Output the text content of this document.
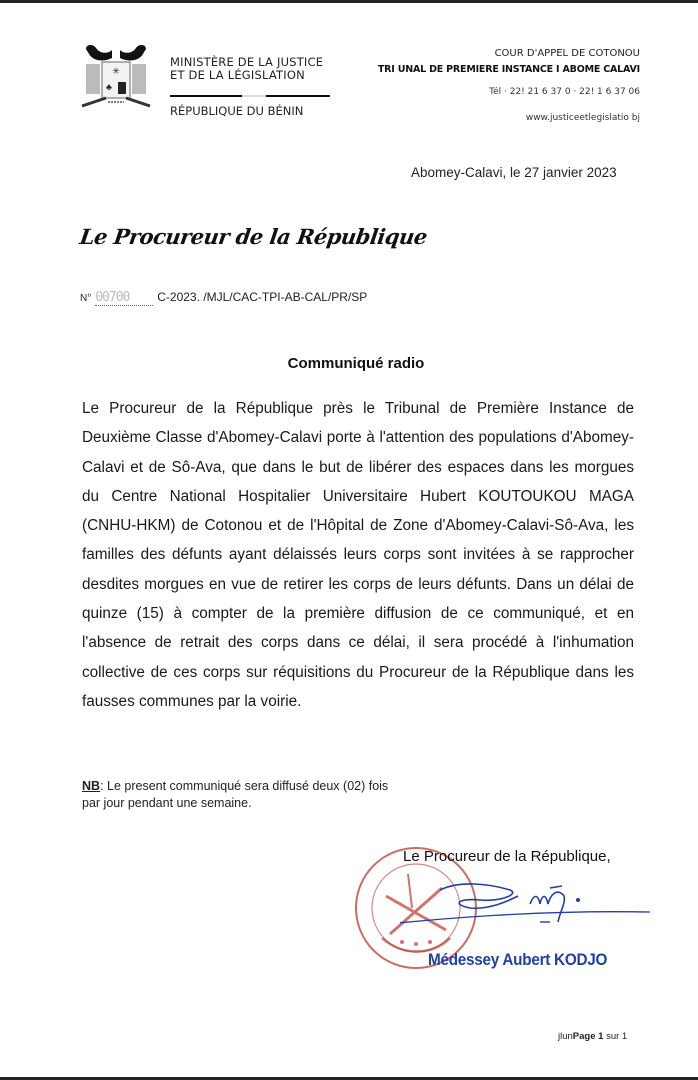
✳
♣
MINISTÈRE DE LA JUSTICE
ET DE LA LÉGISLATION
RÉPUBLIQUE DU BÉNIN
COUR D'APPEL DE COTONOU
TRI UNAL DE PREMIERE INSTANCE I ABOME CALAVI
Tél · 22! 21 6 37 0 · 22! 1 6 37 06
www.justiceetlegislatio bj
Abomey-Calavi, le 27 janvier 2023
Le Procureur de la République
N° 00700	C-2023. /MJL/CAC-TPI-AB-CAL/PR/SP
Communiqué radio
Le Procureur de la République près le Tribunal de Première Instance de Deuxième Classe d'Abomey-Calavi porte à l'attention des populations d'Abomey-Calavi et de Sô-Ava, que dans le but de libérer des espaces dans les morgues du Centre National Hospitalier Universitaire Hubert KOUTOUKOU MAGA (CNHU-HKM) de Cotonou et de l'Hôpital de Zone d'Abomey-Calavi-Sô-Ava, les familles des défunts ayant délaissés leurs corps sont invitées à se rapprocher desdites morgues en vue de retirer les corps de leurs défunts. Dans un délai de quinze (15) à compter de la première diffusion de ce communiqué, et en l'absence de retrait des corps dans ce délai, il sera procédé à l'inhumation collective de ces corps sur réquisitions du Procureur de la République dans les fausses communes par la voirie.
NB: Le present communiqué sera diffusé deux (02) fois par jour pendant une semaine.
Le Procureur de la République,
Médessey Aubert KODJO
jlunPage 1 sur 1
